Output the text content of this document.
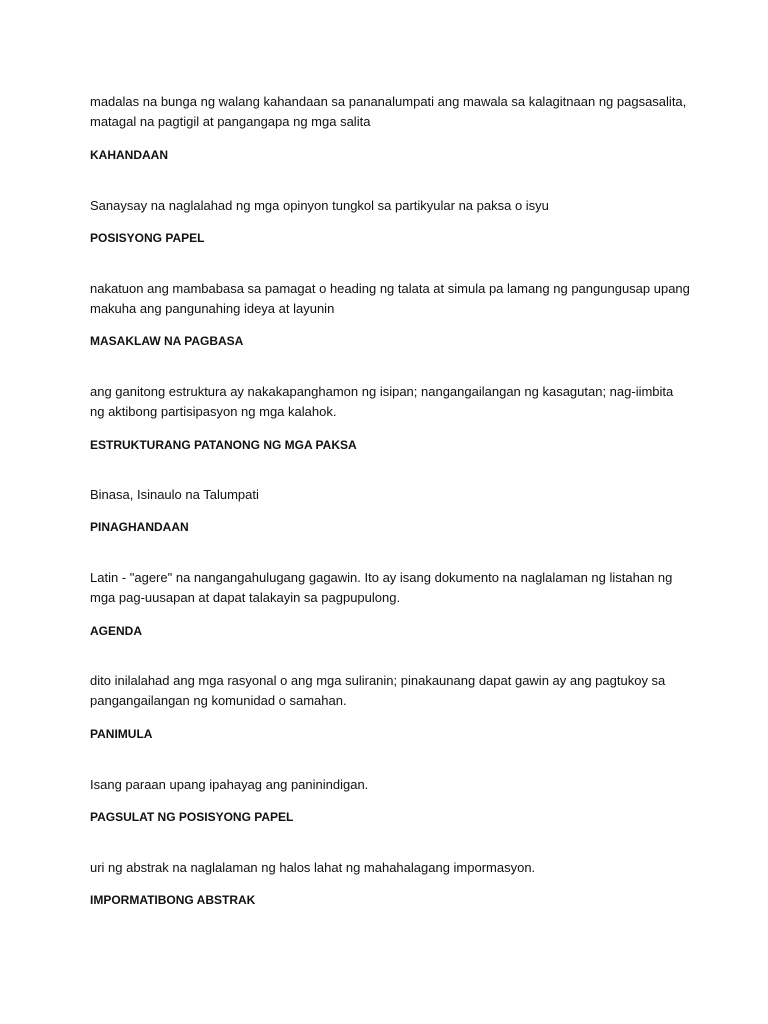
madalas na bunga ng walang kahandaan sa pananalumpati ang mawala sa kalagitnaan ng pagsasalita, matagal na pagtigil at pangangapa ng mga salita

KAHANDAAN

Sanaysay na naglalahad ng mga opinyon tungkol sa partikyular na paksa o isyu

POSISYONG PAPEL

nakatuon ang mambabasa sa pamagat o heading ng talata at simula pa lamang ng pangungusap upang makuha ang pangunahing ideya at layunin

MASAKLAW NA PAGBASA

ang ganitong estruktura ay nakakapanghamon ng isipan; nangangailangan ng kasagutan; nag-iimbita ng aktibong partisipasyon ng mga kalahok.

ESTRUKTURANG PATANONG NG MGA PAKSA

Binasa, Isinaulo na Talumpati

PINAGHANDAAN

Latin - "agere" na nangangahulugang gagawin. Ito ay isang dokumento na naglalaman ng listahan ng mga pag-uusapan at dapat talakayin sa pagpupulong.

AGENDA

dito inilalahad ang mga rasyonal o ang mga suliranin; pinakaunang dapat gawin ay ang pagtukoy sa pangangailangan ng komunidad o samahan.

PANIMULA

Isang paraan upang ipahayag ang paninindigan.

PAGSULAT NG POSISYONG PAPEL

uri ng abstrak na naglalaman ng halos lahat ng mahahalagang impormasyon.

IMPORMATIBONG ABSTRAK
